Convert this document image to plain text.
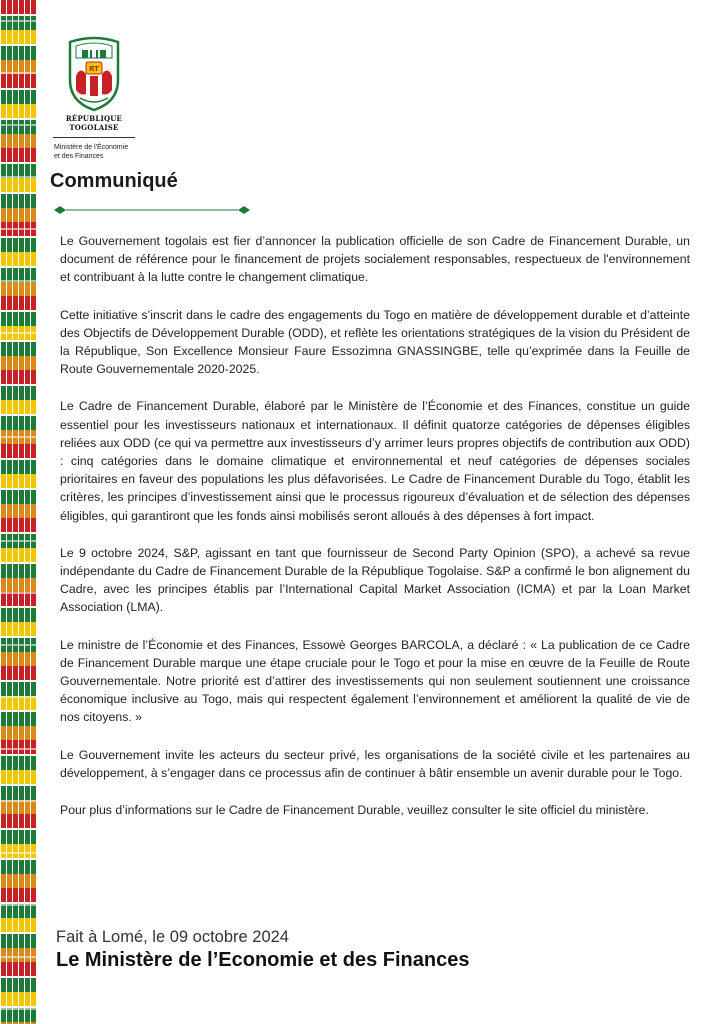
RT
RÉPUBLIQUE TOGOLAISE
Ministère de l'Économie
et des Finances
Communiqué

Le Gouvernement togolais est fier d’annoncer la publication officielle de son Cadre de Financement Durable, un document de référence pour le financement de projets socialement responsables, respectueux de l'environnement et contribuant à la lutte contre le changement climatique.

Cette initiative s’inscrit dans le cadre des engagements du Togo en matière de développement durable et d’atteinte des Objectifs de Développement Durable (ODD), et reflète les orientations stratégiques de la vision du Président de la République, Son Excellence Monsieur Faure Essozimna GNASSINGBE, telle qu’exprimée dans la Feuille de Route Gouvernementale 2020-2025.

Le Cadre de Financement Durable, élaboré par le Ministère de l’Économie et des Finances, constitue un guide essentiel pour les investisseurs nationaux et internationaux. Il définit quatorze catégories de dépenses éligibles reliées aux ODD (ce qui va permettre aux investisseurs d’y arrimer leurs propres objectifs de contribution aux ODD) : cinq catégories dans le domaine climatique et environnemental et neuf catégories de dépenses sociales prioritaires en faveur des populations les plus défavorisées. Le Cadre de Financement Durable du Togo, établit les critères, les principes d’investissement ainsi que le processus rigoureux d’évaluation et de sélection des dépenses éligibles, qui garantiront que les fonds ainsi mobilisés seront alloués à des dépenses à fort impact.

Le 9 octobre 2024, S&P, agissant en tant que fournisseur de Second Party Opinion (SPO), a achevé sa revue indépendante du Cadre de Financement Durable de la République Togolaise. S&P a confirmé le bon alignement du Cadre, avec les principes établis par l’International Capital Market Association (ICMA) et par la Loan Market Association (LMA).

Le ministre de l’Économie et des Finances, Essowè Georges BARCOLA, a déclaré : « La publication de ce Cadre de Financement Durable marque une étape cruciale pour le Togo et pour la mise en œuvre de la Feuille de Route Gouvernementale. Notre priorité est d’attirer des investissements qui non seulement soutiennent une croissance économique inclusive au Togo, mais qui respectent également l’environnement et améliorent la qualité de vie de nos citoyens. »

Le Gouvernement invite les acteurs du secteur privé, les organisations de la société civile et les partenaires au développement, à s’engager dans ce processus afin de continuer à bâtir ensemble un avenir durable pour le Togo.

Pour plus d’informations sur le Cadre de Financement Durable, veuillez consulter le site officiel du ministère.

Fait à Lomé, le 09 octobre 2024

Le Ministère de l’Economie et des Finances
